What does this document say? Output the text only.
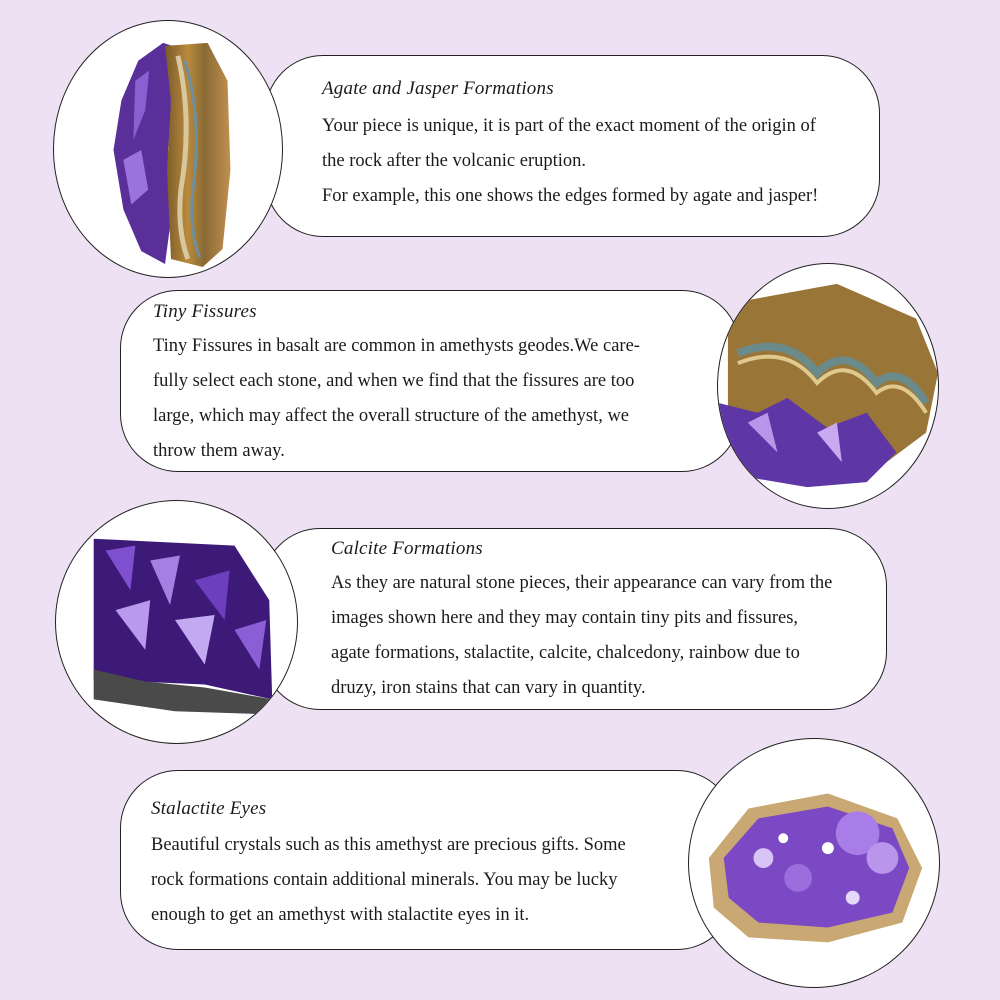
Agate and Jasper Formations
Your piece is unique, it is part of the exact moment of the origin of
the rock after the volcanic eruption.
For example, this one shows the edges formed by agate and jasper!
Tiny Fissures
Tiny Fissures in basalt are common in amethysts geodes.We care-
fully select each stone, and when we find that the fissures are too
large, which may affect the overall structure of the amethyst, we
throw them away.
Calcite Formations
As they are natural stone pieces, their appearance can vary from the
images shown here and they may contain tiny pits and fissures,
agate formations, stalactite, calcite, chalcedony, rainbow due to
druzy, iron stains that can vary in quantity.
Stalactite Eyes
Beautiful crystals such as this amethyst are precious gifts. Some
rock formations contain additional minerals. You may be lucky
enough to get an amethyst with stalactite eyes in it.
